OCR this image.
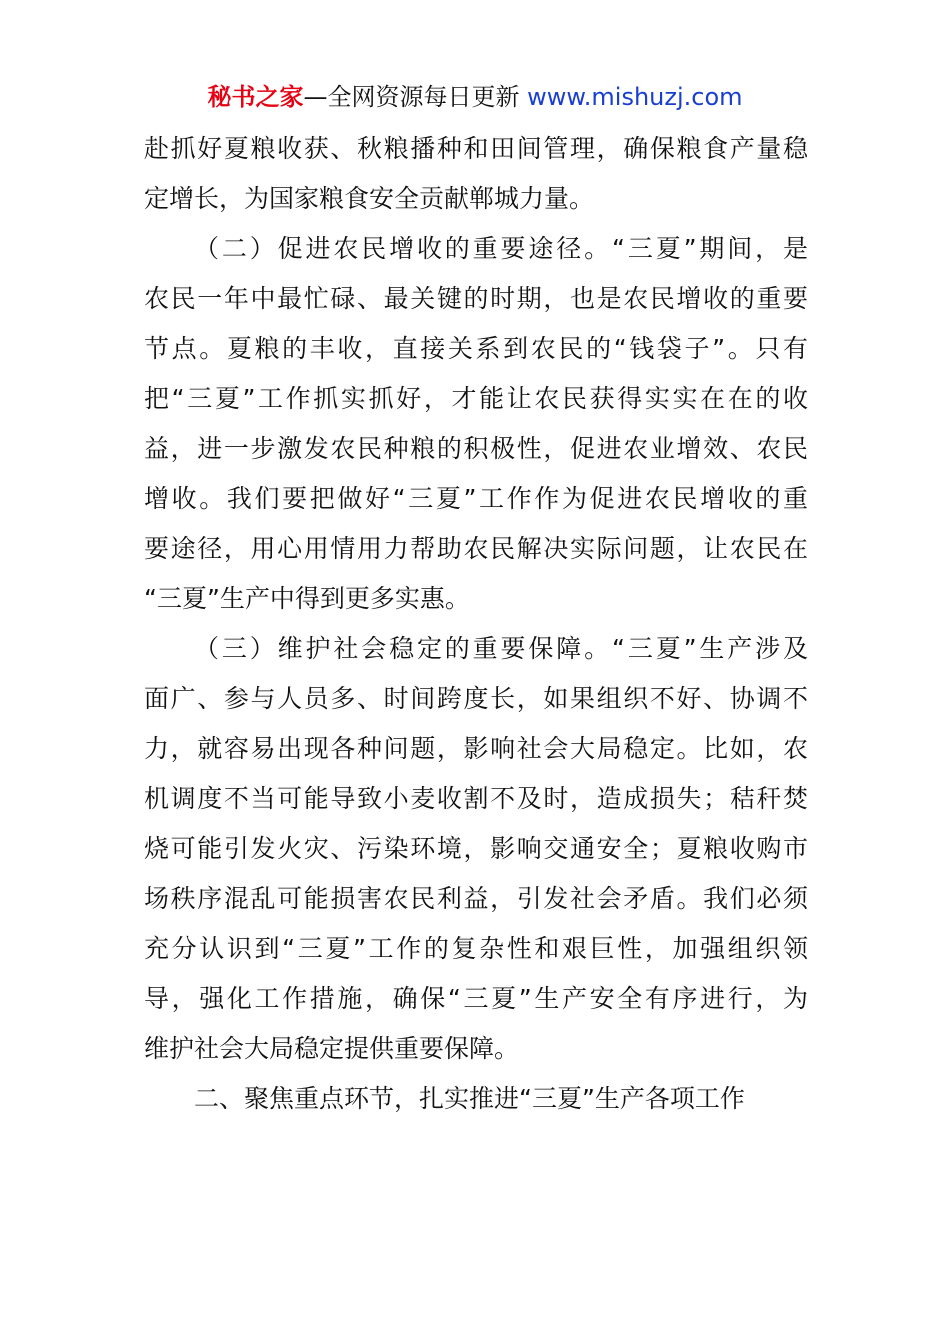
秘书之家—全网资源每日更新 www.mishuzj.com
赴抓好夏粮收获、秋粮播种和田间管理，确保粮食产量稳
定增长，为国家粮食安全贡献郸城力量。
（二）促进农民增收的重要途径。“三夏”期间，是
农民一年中最忙碌、最关键的时期，也是农民增收的重要
节点。夏粮的丰收，直接关系到农民的“钱袋子”。只有
把“三夏”工作抓实抓好，才能让农民获得实实在在的收
益，进一步激发农民种粮的积极性，促进农业增效、农民
增收。我们要把做好“三夏”工作作为促进农民增收的重
要途径，用心用情用力帮助农民解决实际问题，让农民在
“三夏”生产中得到更多实惠。
（三）维护社会稳定的重要保障。“三夏”生产涉及
面广、参与人员多、时间跨度长，如果组织不好、协调不
力，就容易出现各种问题，影响社会大局稳定。比如，农
机调度不当可能导致小麦收割不及时，造成损失；秸秆焚
烧可能引发火灾、污染环境，影响交通安全；夏粮收购市
场秩序混乱可能损害农民利益，引发社会矛盾。我们必须
充分认识到“三夏”工作的复杂性和艰巨性，加强组织领
导，强化工作措施，确保“三夏”生产安全有序进行，为
维护社会大局稳定提供重要保障。
二、聚焦重点环节，扎实推进“三夏”生产各项工作
